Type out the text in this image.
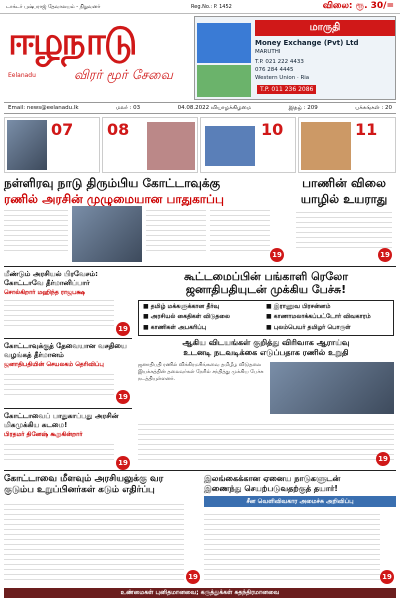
டாக்டர் புஷ்பராஜ் தேவாலயம் - நிறுவனர்	Reg.No.: P. 1452	விலை: ரூ. 30/=
ஈழநாடு
விரர் மூர் சேவை
Eelanadu
மாருதி
Money Exchange (Pvt) Ltd
MARUTHI
T.P. 021 222 4433
076 284 4445
Western Union · Ria
T.P. 011 236 2086
Email: news@eelanadu.lk	மலர் : 03	04.08.2022 வியாழக்கிழமை	இதழ் : 209	பக்கங்கள் : 20
07 08	10	11
நள்ளிரவு நாடு திரும்பிய கோட்டாவுக்கு
ரணில் அரசின் முழுமையான பாதுகாப்பு
19
பாணின் விலை
யாழில் உயராது
19
மீண்டும் அரசியல் பிரவேசம்: கோட்டாவே தீர்மானிப்பார்
சொல்கிறார் மஹிந்த ராஜபக்ஷ
19
கோட்டாவுக்குத் தேவையான வசதியை வழங்கத் தீர்மானம்
ஜனாதிபதியின் செயலகம் தெரிவிப்பு
19
கோட்டாவைப் பாதுகாப்பது அரசின் மிகமுக்கிய கடமை!
பிரதமர் தினேஷ் கூறுகின்றார்
19
கூட்டமைப்பின் பங்காளி ரெலோ
ஜனாதிபதியுடன் முக்கிய பேச்சு!
■ தமிழ் மக்களுக்கான தீர்வு	■ இராணுவ பிரசன்னம்
■ அரசியல் கைதிகள் விடுதலை	■ காணாமலாக்கப்பட்டோர் விவகாரம்
■ காணிகள் அபகரிப்பு	■ புலம்பெயர் தமிழர் பொருள்
ஆகிய விடயங்கள் குறித்து விரிவாக ஆராய்வு
உடனடி நடவடிக்கை எடுப்பதாக ரணில் உறுதி
ஜனாதிபதி ரணில் விக்கிரமசிங்கவை தமிழீழ விடுதலை இயக்கத்தின் தலைவர்கள் நேரில் சந்தித்து முக்கிய பேச்சு நடத்தியுள்ளனர்.
19
கோட்டாவை மீளவும் அரசியலுக்கு வர
குடும்ப உறுப்பினர்கள் கடும் எதிர்ப்பு
19
இலங்கைக்கான ஏனைய நாடுகளுடன்
இணைந்து செயற்படுவதற்குத் தயார்!
சீன வெளிவிவகார அமைச்சு அறிவிப்பு
19
உண்மைகள் புனிதமானவை; கருத்துக்கள் சுதந்திரமானவை
